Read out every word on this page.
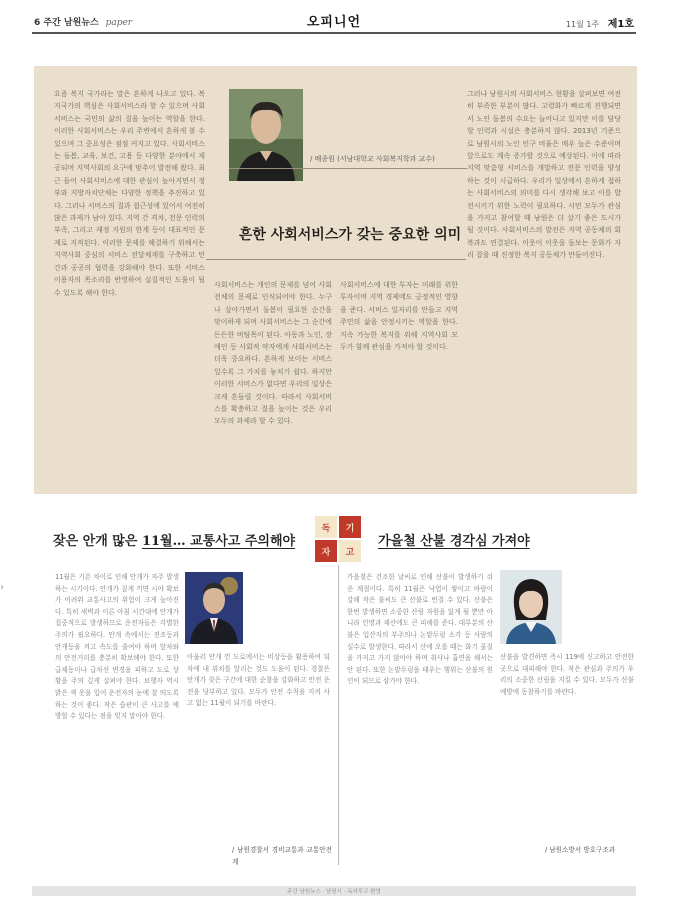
6 주간 남원뉴스 paper	오피니언	11월 1주 제1호
요즘 복지 국가라는 말은 흔하게 나오고 있다. 복지국가의 핵심은 사회서비스라 할 수 있으며 사회서비스는 국민의 삶의 질을 높이는 역할을 한다. 이러한 사회서비스는 우리 주변에서 흔하게 볼 수 있으며 그 중요성은 점점 커지고 있다. 사회서비스는 돌봄, 교육, 보건, 고용 등 다양한 분야에서 제공되며 지역사회의 요구에 맞추어 발전해 왔다. 최근 들어 사회서비스에 대한 관심이 높아지면서 정부와 지방자치단체는 다양한 정책을 추진하고 있다. 그러나 서비스의 질과 접근성에 있어서 여전히 많은 과제가 남아 있다. 지역 간 격차, 전문 인력의 부족, 그리고 재정 지원의 한계 등이 대표적인 문제로 지적된다. 이러한 문제를 해결하기 위해서는 지역사회 중심의 서비스 전달체계를 구축하고 민간과 공공의 협력을 강화해야 한다. 또한 서비스 이용자의 목소리를 반영하여 실질적인 도움이 될 수 있도록 해야 한다.
/ 배종원 (서남대학교 사회복지학과 교수)
흔한 사회서비스가 갖는 중요한 의미
사회서비스는 개인의 문제를 넘어 사회 전체의 문제로 인식되어야 한다. 누구나 살아가면서 돌봄이 필요한 순간을 맞이하게 되며 사회서비스는 그 순간에 든든한 버팀목이 된다. 아동과 노인, 장애인 등 사회적 약자에게 사회서비스는 더욱 중요하다. 흔하게 보이는 서비스일수록 그 가치를 놓치기 쉽다. 하지만 이러한 서비스가 없다면 우리의 일상은 크게 흔들릴 것이다. 따라서 사회서비스를 확충하고 질을 높이는 것은 우리 모두의 과제라 할 수 있다.
사회서비스에 대한 투자는 미래를 위한 투자이며 지역 경제에도 긍정적인 영향을 준다. 서비스 일자리를 만들고 지역 주민의 삶을 안정시키는 역할을 한다. 지속 가능한 복지를 위해 지역사회 모두가 함께 관심을 가져야 할 것이다.
그러나 남원시의 사회서비스 현황을 살펴보면 여전히 부족한 부분이 많다. 고령화가 빠르게 진행되면서 노인 돌봄의 수요는 늘어나고 있지만 이를 담당할 인력과 시설은 충분하지 않다. 2013년 기준으로 남원시의 노인 인구 비율은 매우 높은 수준이며 앞으로도 계속 증가할 것으로 예상된다. 이에 따라 지역 맞춤형 서비스를 개발하고 전문 인력을 양성하는 것이 시급하다. 우리가 일상에서 흔하게 접하는 사회서비스의 의미를 다시 생각해 보고 이를 발전시키기 위한 노력이 필요하다. 시민 모두가 관심을 가지고 참여할 때 남원은 더 살기 좋은 도시가 될 것이다. 사회서비스의 발전은 지역 공동체의 회복과도 연결된다. 이웃이 이웃을 돌보는 문화가 자리 잡을 때 진정한 복지 공동체가 만들어진다.
잦은 안개 많은 11월… 교통사고 주의해야
독	기
자	고
가을철 산불 경각심 가져야
11월은 기온 차이로 인해 안개가 자주 발생하는 시기이다. 안개가 짙게 끼면 시야 확보가 어려워 교통사고의 위험이 크게 높아진다. 특히 새벽과 이른 아침 시간대에 안개가 집중적으로 발생하므로 운전자들은 각별한 주의가 필요하다. 안개 속에서는 전조등과 안개등을 켜고 속도를 줄여야 하며 앞차와의 안전거리를 충분히 확보해야 한다. 또한 급제동이나 급차선 변경을 피하고 도로 상황을 주의 깊게 살펴야 한다. 보행자 역시 밝은 색 옷을 입어 운전자의 눈에 잘 띄도록 하는 것이 좋다. 작은 습관이 큰 사고를 예방할 수 있다는 점을 잊지 말아야 한다.
아울러 안개 낀 도로에서는 비상등을 활용하여 뒤차에 내 위치를 알리는 것도 도움이 된다. 경찰은 안개가 잦은 구간에 대한 순찰을 강화하고 안전 운전을 당부하고 있다. 모두가 안전 수칙을 지켜 사고 없는 11월이 되기를 바란다.
/ 남원경찰서 경비교통과 교통안전계
가을철은 건조한 날씨로 인해 산불이 발생하기 쉬운 계절이다. 특히 11월은 낙엽이 쌓이고 바람이 강해 작은 불씨도 큰 산불로 번질 수 있다. 산불은 한번 발생하면 소중한 산림 자원을 잃게 될 뿐만 아니라 인명과 재산에도 큰 피해를 준다. 대부분의 산불은 입산자의 부주의나 논밭두렁 소각 등 사람의 실수로 발생한다. 따라서 산에 오를 때는 화기 물질을 가지고 가지 않아야 하며 취사나 흡연을 해서는 안 된다. 또한 논밭두렁을 태우는 행위는 산불의 원인이 되므로 삼가야 한다.
산불을 발견하면 즉시 119에 신고하고 안전한 곳으로 대피해야 한다. 작은 관심과 주의가 우리의 소중한 산림을 지킬 수 있다. 모두가 산불 예방에 동참하기를 바란다.
/ 남원소방서 방호구조과
›
주간 남원뉴스 · 남원시 · 독자투고 환영
